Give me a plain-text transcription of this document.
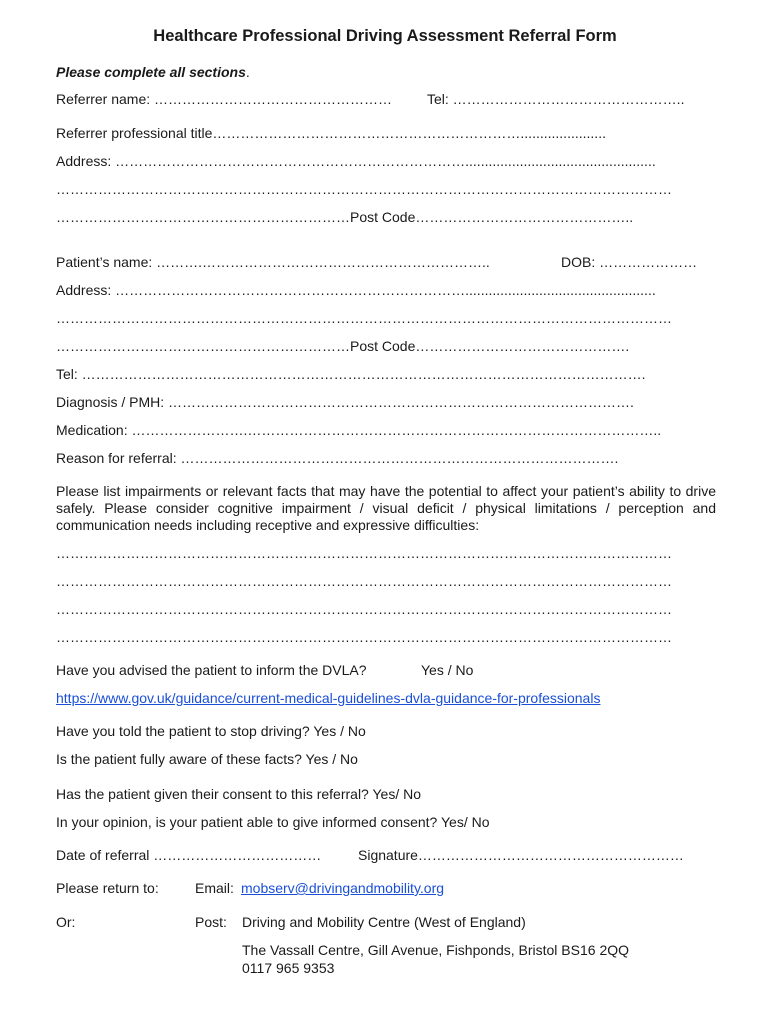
Healthcare Professional Driving Assessment Referral Form
Please complete all sections.
Referrer name: …………………………………………… Tel: …………………………………………..
Referrer professional title…………………………………………………………......................
Address: ………………………………………………………………….................................................
……………………………………………………………………………………………………………………
………………………………………………………Post Code………………………………………..
Patient’s name: ……….……………………………………………………..	DOB: …………………
Address: ………………………………………………………………….................................................
……………………………………………………………………………………………………………………
………………………………………………………Post Code……………………………………….
Tel: ………………………………………………………………………………………………………….
Diagnosis / PMH: ……………………………………………………………………………………….
Medication: …………………….……………………………………………………………………………..
Reason for referral: ………………………………………………………………………………….
Please list impairments or relevant facts that may have the potential to affect your patient’s ability to drive safely. Please consider cognitive impairment / visual deficit / physical limitations / perception and communication needs including receptive and expressive difficulties:
……………………………………………………………………………………………………………………
……………………………………………………………………………………………………………………
……………………………………………………………………………………………………………………
……………………………………………………………………………………………………………………
Have you advised the patient to inform the DVLA?	Yes / No
https://www.gov.uk/guidance/current-medical-guidelines-dvla-guidance-for-professionals
Have you told the patient to stop driving? Yes / No
Is the patient fully aware of these facts? Yes / No
Has the patient given their consent to this referral? Yes/ No
In your opinion, is your patient able to give informed consent? Yes/ No
Date of referral ………………………………	Signature…………………………………………………
Please return to:	Email: mobserv@drivingandmobility.org
Or:	Post: Driving and Mobility Centre (West of England)
The Vassall Centre, Gill Avenue, Fishponds, Bristol BS16 2QQ
0117 965 9353
